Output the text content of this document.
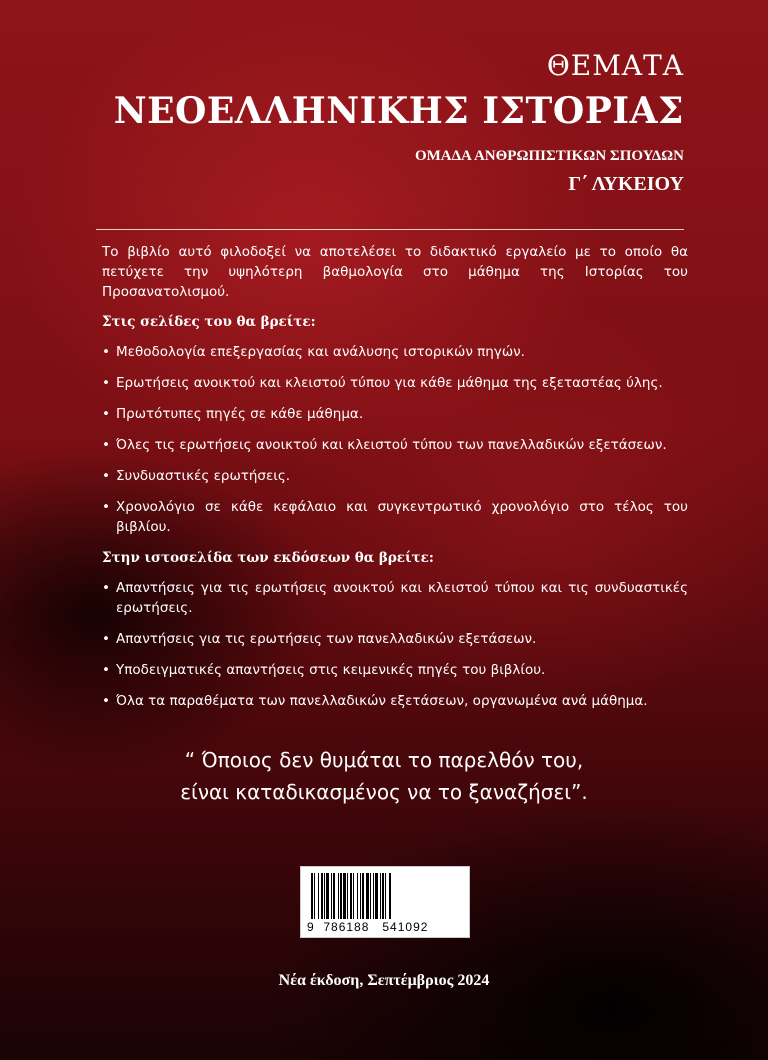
ΘΕΜΑΤΑ
ΝΕΟΕΛΛΗΝΙΚΗΣ ΙΣΤΟΡΙΑΣ
ΟΜΑΔΑ ΑΝΘΡΩΠΙΣΤΙΚΩΝ ΣΠΟΥΔΩΝ
Γ΄ ΛΥΚΕΙΟΥ

Το βιβλίο αυτό φιλοδοξεί να αποτελέσει το διδακτικό εργαλείο με το οποίο θα πετύχετε την υψηλότερη βαθμολογία στο μάθημα της Ιστορίας του Προσανατολισμού.

Στις σελίδες του θα βρείτε:
• Μεθοδολογία επεξεργασίας και ανάλυσης ιστορικών πηγών.
• Ερωτήσεις ανοικτού και κλειστού τύπου για κάθε μάθημα της εξεταστέας ύλης.
• Πρωτότυπες πηγές σε κάθε μάθημα.
• Όλες τις ερωτήσεις ανοικτού και κλειστού τύπου των πανελλαδικών εξετάσεων.
• Συνδυαστικές ερωτήσεις.
• Χρονολόγιο σε κάθε κεφάλαιο και συγκεντρωτικό χρονολόγιο στο τέλος του βιβλίου.
Στην ιστοσελίδα των εκδόσεων θα βρείτε:
• Απαντήσεις για τις ερωτήσεις ανοικτού και κλειστού τύπου και τις συνδυαστικές ερωτήσεις.
• Απαντήσεις για τις ερωτήσεις των πανελλαδικών εξετάσεων.
• Υποδειγματικές απαντήσεις στις κειμενικές πηγές του βιβλίου.
• Όλα τα παραθέματα των πανελλαδικών εξετάσεων, οργανωμένα ανά μάθημα.
“ Όποιος δεν θυμάται το παρελθόν του,
είναι καταδικασμένος να το ξαναζήσει”.
9  786188   541092
Νέα έκδοση, Σεπτέμβριος 2024
